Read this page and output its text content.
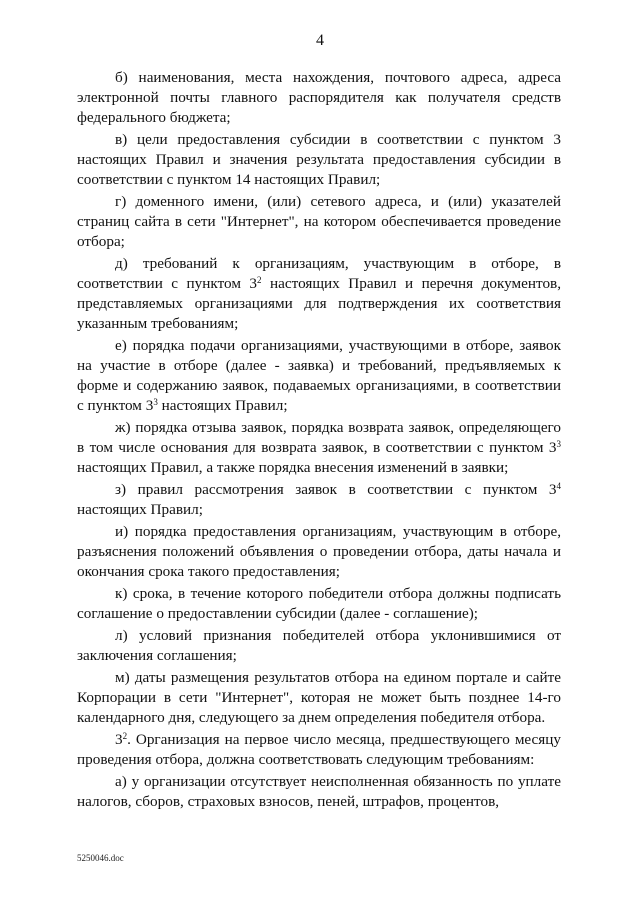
4

б) наименования, места нахождения, почтового адреса, адреса электронной почты главного распорядителя как получателя средств федерального бюджета;

в) цели предоставления субсидии в соответствии с пунктом 3 настоящих Правил и значения результата предоставления субсидии в соответствии с пунктом 14 настоящих Правил;

г) доменного имени, (или) сетевого адреса, и (или) указателей страниц сайта в сети "Интернет", на котором обеспечивается проведение отбора;

д) требований к организациям, участвующим в отборе, в соответствии с пунктом $3^2$ настоящих Правил и перечня документов, представляемых организациями для подтверждения их соответствия указанным требованиям;

е) порядка подачи организациями, участвующими в отборе, заявок на участие в отборе (далее - заявка) и требований, предъявляемых к форме и содержанию заявок, подаваемых организациями, в соответствии с пунктом $3^3$ настоящих Правил;

ж) порядка отзыва заявок, порядка возврата заявок, определяющего в том числе основания для возврата заявок, в соответствии с пунктом $3^3$ настоящих Правил, а также порядка внесения изменений в заявки;

з) правил рассмотрения заявок в соответствии с пунктом $3^4$ настоящих Правил;

и) порядка предоставления организациям, участвующим в отборе, разъяснения положений объявления о проведении отбора, даты начала и окончания срока такого предоставления;

к) срока, в течение которого победители отбора должны подписать соглашение о предоставлении субсидии (далее - соглашение);

л) условий признания победителей отбора уклонившимися от заключения соглашения;

м) даты размещения результатов отбора на едином портале и сайте Корпорации в сети "Интернет", которая не может быть позднее 14-го календарного дня, следующего за днем определения победителя отбора.

$3^2$. Организация на первое число месяца, предшествующего месяцу проведения отбора, должна соответствовать следующим требованиям:

а) у организации отсутствует неисполненная обязанность по уплате налогов, сборов, страховых взносов, пеней, штрафов, процентов,

5250046.doc
